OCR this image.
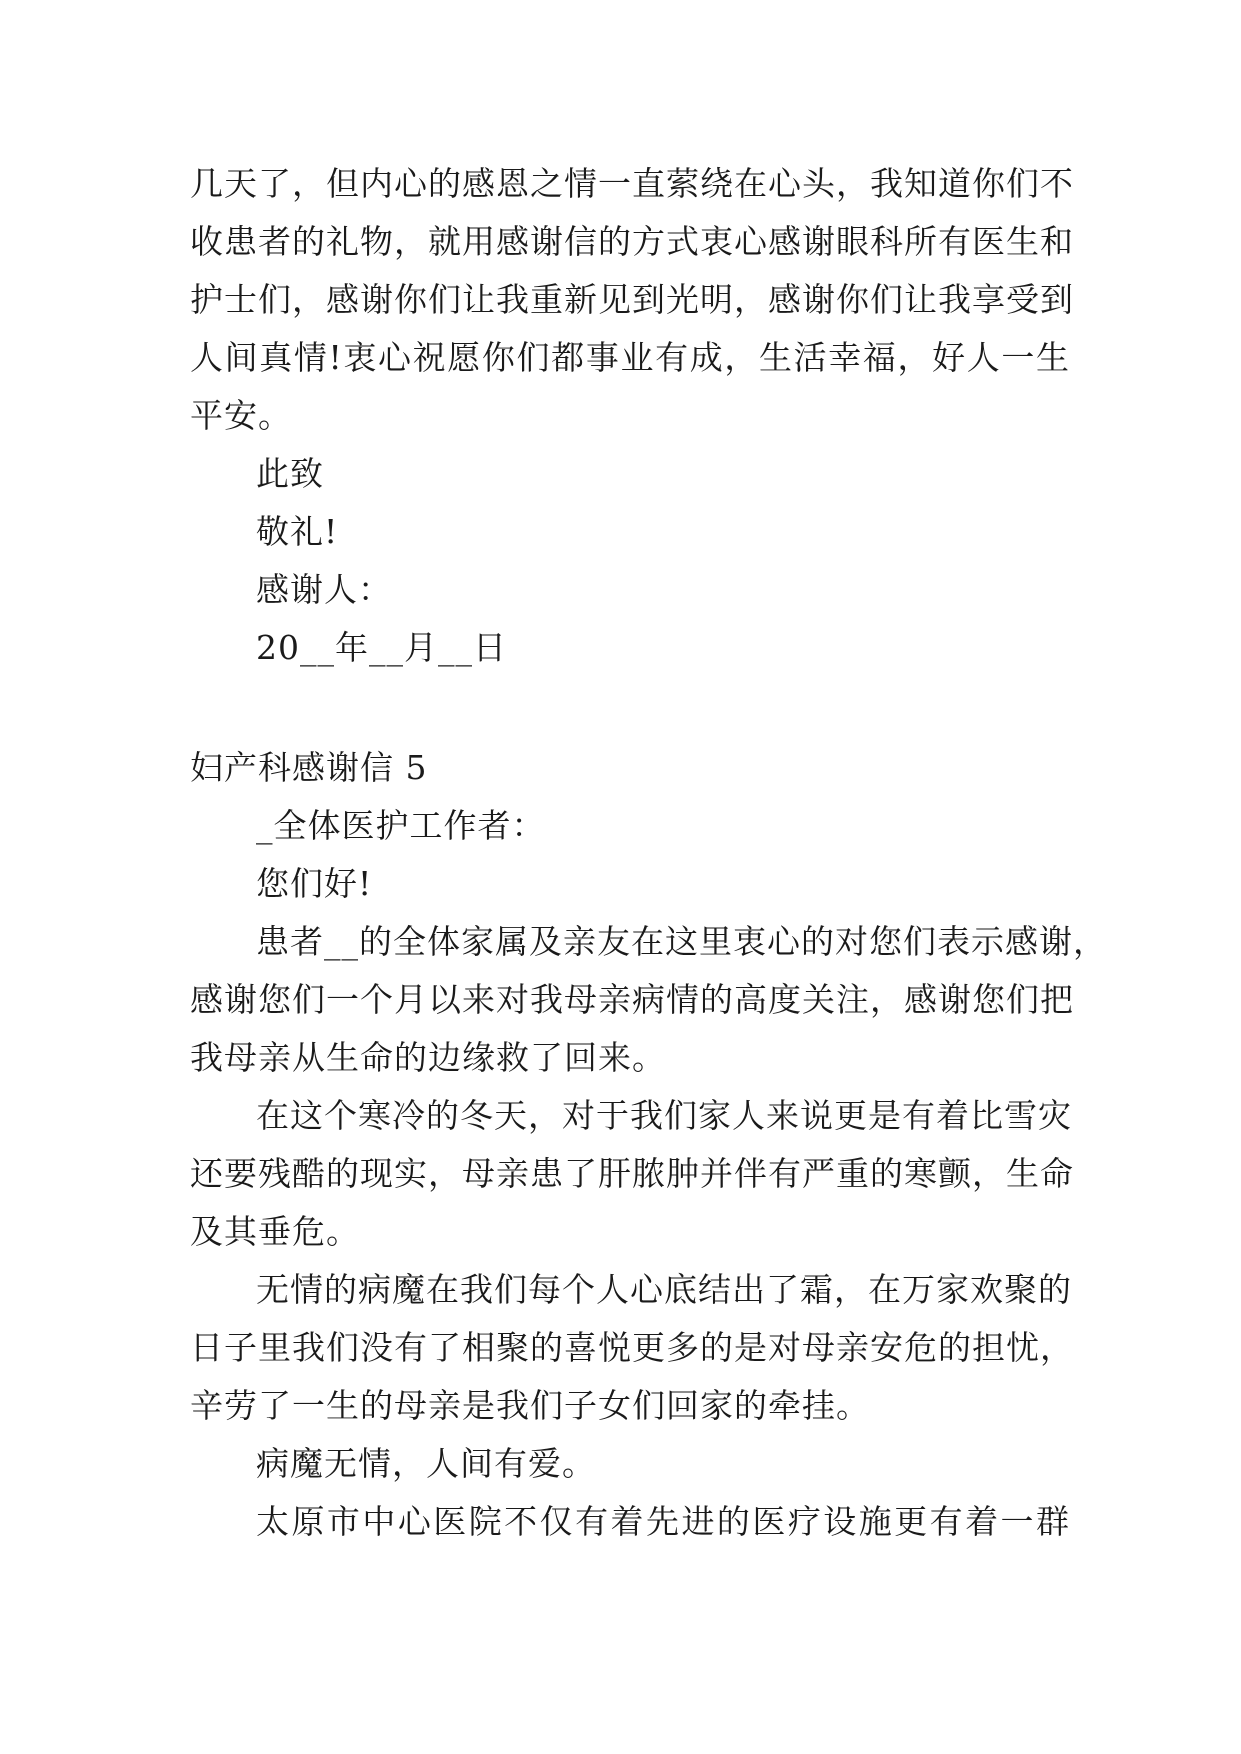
几天了，但内心的感恩之情一直萦绕在心头，我知道你们不
收患者的礼物，就用感谢信的方式衷心感谢眼科所有医生和
护士们，感谢你们让我重新见到光明，感谢你们让我享受到
人间真情!衷心祝愿你们都事业有成，生活幸福，好人一生
平安。
此致
敬礼!
感谢人：
20__年__月__日
妇产科感谢信 5
_全体医护工作者：
您们好!
患者__的全体家属及亲友在这里衷心的对您们表示感谢，
感谢您们一个月以来对我母亲病情的高度关注，感谢您们把
我母亲从生命的边缘救了回来。
在这个寒冷的冬天，对于我们家人来说更是有着比雪灾
还要残酷的现实，母亲患了肝脓肿并伴有严重的寒颤，生命
及其垂危。
无情的病魔在我们每个人心底结出了霜，在万家欢聚的
日子里我们没有了相聚的喜悦更多的是对母亲安危的担忧，
辛劳了一生的母亲是我们子女们回家的牵挂。
病魔无情，人间有爱。
太原市中心医院不仅有着先进的医疗设施更有着一群
